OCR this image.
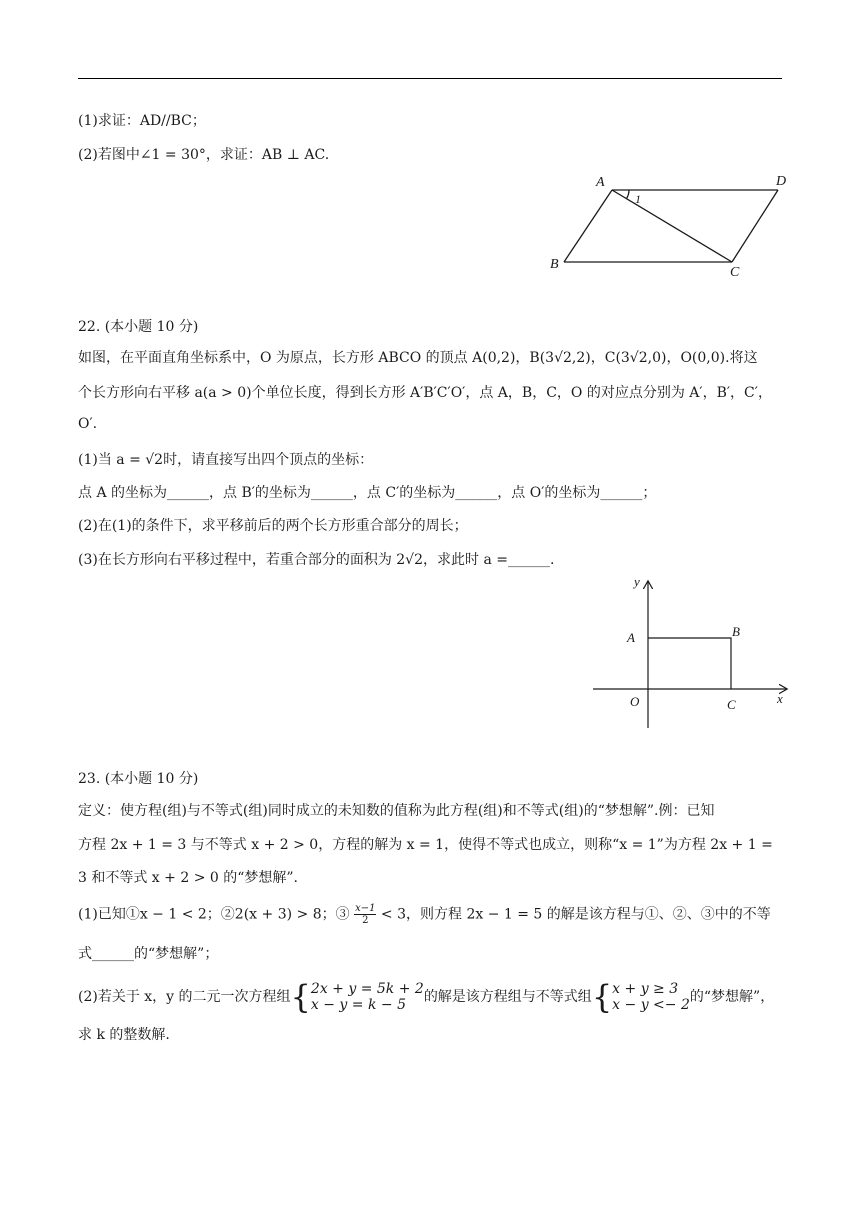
(1)求证：AD//BC；
(2)若图中∠1 = 30°，求证：AB ⊥ AC.
A	D
B
C
1
22. (本小题 10 分)
如图，在平面直角坐标系中，O 为原点，长方形 ABCO 的顶点 A(0,2)，B(3√2,2)，C(3√2,0)，O(0,0).将这
个长方形向右平移 a(a > 0)个单位长度，得到长方形 A′B′C′O′，点 A，B，C，O 的对应点分别为 A′，B′，C′，
O′.
(1)当 a = √2时，请直接写出四个顶点的坐标：
点 A 的坐标为______，点 B′的坐标为______，点 C′的坐标为______，点 O′的坐标为______；
(2)在(1)的条件下，求平移前后的两个长方形重合部分的周长；
(3)在长方形向右平移过程中，若重合部分的面积为 2√2，求此时 a =______.
y
x
A	B
O	C
23. (本小题 10 分)
定义：使方程(组)与不等式(组)同时成立的未知数的值称为此方程(组)和不等式(组)的“梦想解”.例：已知
方程 2x + 1 = 3 与不等式 x + 2 > 0，方程的解为 x = 1，使得不等式也成立，则称“x = 1”为方程 2x + 1 =
3 和不等式 x + 2 > 0 的“梦想解”.
(1)已知①x − 1 < 2；②2(x + 3) > 8；③ $\frac{x-1}{2} < 3$，则方程 2x − 1 = 5 的解是该方程与①、②、③中的不等
式______的“梦想解”；
(2)若关于 x，y 的二元一次方程组{ 2x + y = 5k + 2
x − y = k − 5	的解是该方程组与不等式组{ x + y ≥ 3
x − y <− 2 的“梦想解”，
求 k 的整数解.
